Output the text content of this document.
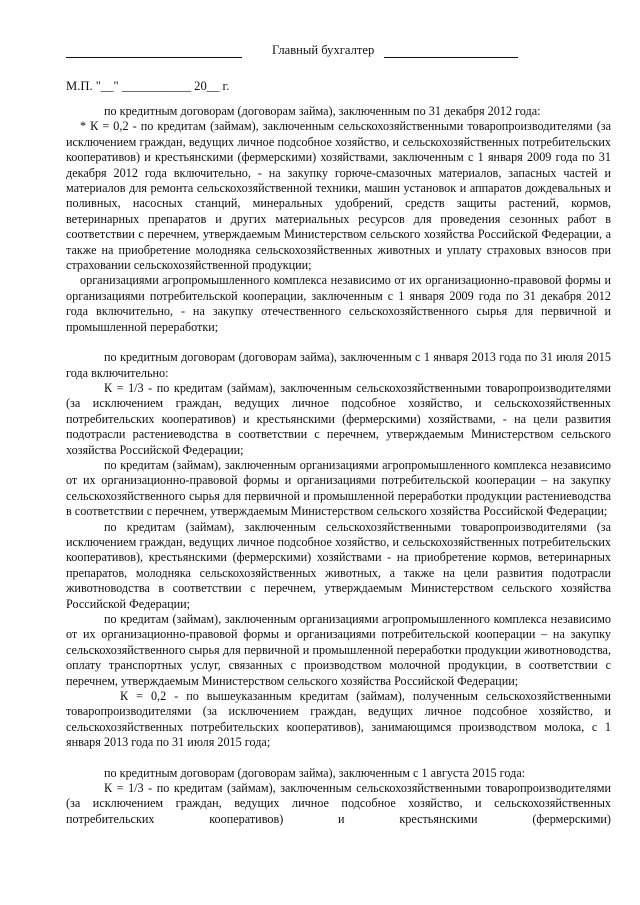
Главный бухгалтер
М.П. "__" ___________ 20__ г.

по кредитным договорам (договорам займа), заключенным по 31 декабря 2012 года:

* К = 0,2 - по кредитам (займам), заключенным сельскохозяйственными товаропроизводителями (за исключением граждан, ведущих личное подсобное хозяйство, и сельскохозяйственных потребительских кооперативов) и крестьянскими (фермерскими) хозяйствами, заключенным с 1 января 2009 года по 31 декабря 2012 года включительно, - на закупку горюче-смазочных материалов, запасных частей и материалов для ремонта сельскохозяйственной техники, машин установок и аппаратов дождевальных и поливных, насосных станций, минеральных удобрений, средств защиты растений, кормов, ветеринарных препаратов и других материальных ресурсов для проведения сезонных работ в соответствии с перечнем, утверждаемым Министерством сельского хозяйства Российской Федерации, а также на приобретение молодняка сельскохозяйственных животных и уплату страховых взносов при страховании сельскохозяйственной продукции;

организациями агропромышленного комплекса независимо от их организационно-правовой формы и организациями потребительской кооперации, заключенным с 1 января 2009 года по 31 декабря 2012 года включительно, - на закупку отечественного сельскохозяйственного сырья для первичной и промышленной переработки;

по кредитным договорам (договорам займа), заключенным с 1 января 2013 года по 31 июля 2015 года включительно:

К = 1/3 - по кредитам (займам), заключенным сельскохозяйственными товаропроизводителями (за исключением граждан, ведущих личное подсобное хозяйство, и сельскохозяйственных потребительских кооперативов) и крестьянскими (фермерскими) хозяйствами, - на цели развития подотрасли растениеводства в соответствии с перечнем, утверждаемым Министерством сельского хозяйства Российской Федерации;

по кредитам (займам), заключенным организациями агропромышленного комплекса независимо от их организационно-правовой формы и организациями потребительской кооперации – на закупку сельскохозяйственного сырья для первичной и промышленной переработки продукции растениеводства в соответствии с перечнем, утверждаемым Министерством сельского хозяйства Российской Федерации;

по кредитам (займам), заключенным сельскохозяйственными товаропроизводителями (за исключением граждан, ведущих личное подсобное хозяйство, и сельскохозяйственных потребительских кооперативов), крестьянскими (фермерскими) хозяйствами - на приобретение кормов, ветеринарных препаратов, молодняка сельскохозяйственных животных, а также на цели развития подотрасли животноводства в соответствии с перечнем, утверждаемым Министерством сельского хозяйства Российской Федерации;

по кредитам (займам), заключенным организациями агропромышленного комплекса независимо от их организационно-правовой формы и организациями потребительской кооперации – на закупку сельскохозяйственного сырья для первичной и промышленной переработки продукции животноводства, оплату транспортных услуг, связанных с производством молочной продукции, в соответствии с перечнем, утверждаемым Министерством сельского хозяйства Российской Федерации;

К = 0,2 - по вышеуказанным кредитам (займам), полученным сельскохозяйственными товаропроизводителями (за исключением граждан, ведущих личное подсобное хозяйство, и сельскохозяйственных потребительских кооперативов), занимающимся производством молока, с 1 января 2013 года по 31 июля 2015 года;

по кредитным договорам (договорам займа), заключенным с 1 августа 2015 года:

К = 1/3 - по кредитам (займам), заключенным сельскохозяйственными товаропроизводителями (за исключением граждан, ведущих личное подсобное хозяйство, и сельскохозяйственных потребительских кооперативов) и крестьянскими (фермерскими)
